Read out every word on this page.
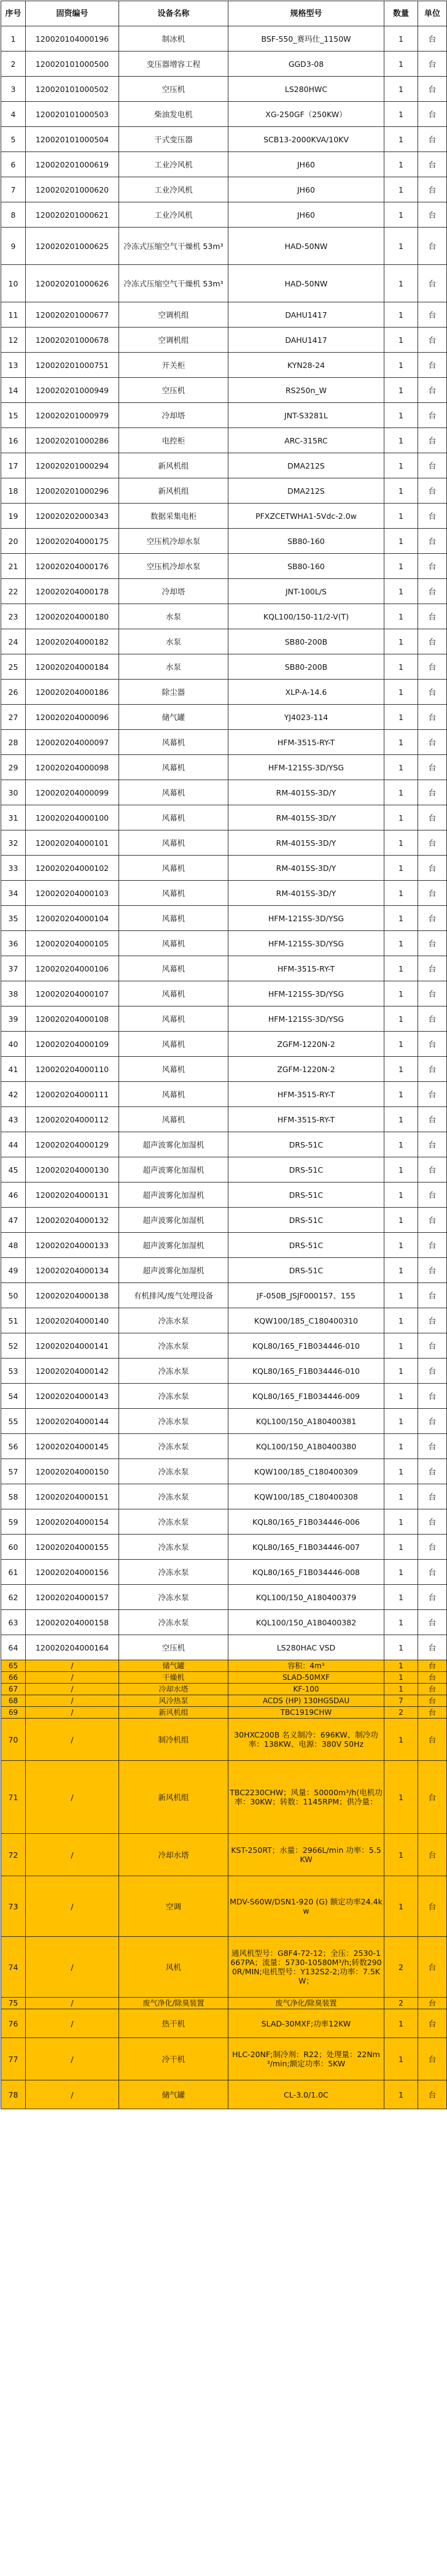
序号	固资编号	设备名称	规格型号	数量	单位
1	120020104000196	制冰机	BSF-550_赛玛仕_1150W	1	台
2	120020101000500	变压器增容工程	GGD3-08	1	台
3	120020101000502	空压机	LS280HWC	1	台
4	120020101000503	柴油发电机	XG-250GF（250KW）	1	台
5	120020101000504	干式变压器	SCB13-2000KVA/10KV	1	台
6	120020201000619	工业冷风机	JH60	1	台
7	120020201000620	工业冷风机	JH60	1	台
8	120020201000621	工业冷风机	JH60	1	台
9	120020201000625	冷冻式压缩空气干燥机 53m³	HAD-50NW	1	台
10	120020201000626	冷冻式压缩空气干燥机 53m³	HAD-50NW	1	台
11	120020201000677	空调机组	DAHU1417	1	台
12	120020201000678	空调机组	DAHU1417	1	台
13	120020201000751	开关柜	KYN28-24	1	台
14	120020201000949	空压机	RS250n_W	1	台
15	120020201000979	冷却塔	JNT-S3281L	1	台
16	120020201000286	电控柜	ARC-315RC	1	台
17	120020201000294	新风机组	DMA212S	1	台
18	120020201000296	新风机组	DMA212S	1	台
19	120020202000343	数据采集电柜	PFXZCETWHA1-5Vdc-2.0w	1	台
20	120020204000175	空压机冷却水泵	SB80-160	1	台
21	120020204000176	空压机冷却水泵	SB80-160	1	台
22	120020204000178	冷却塔	JNT-100L/S	1	台
23	120020204000180	水泵	KQL100/150-11/2-V(T)	1	台
24	120020204000182	水泵	SB80-200B	1	台
25	120020204000184	水泵	SB80-200B	1	台
26	120020204000186	除尘器	XLP-A-14.6	1	台
27	120020204000096	储气罐	YJ4023-114	1	台
28	120020204000097	风幕机	HFM-3515-RY-T	1	台
29	120020204000098	风幕机	HFM-1215S-3D/YSG	1	台
30	120020204000099	风幕机	RM-4015S-3D/Y	1	台
31	120020204000100	风幕机	RM-4015S-3D/Y	1	台
32	120020204000101	风幕机	RM-4015S-3D/Y	1	台
33	120020204000102	风幕机	RM-4015S-3D/Y	1	台
34	120020204000103	风幕机	RM-4015S-3D/Y	1	台
35	120020204000104	风幕机	HFM-1215S-3D/YSG	1	台
36	120020204000105	风幕机	HFM-1215S-3D/YSG	1	台
37	120020204000106	风幕机	HFM-3515-RY-T	1	台
38	120020204000107	风幕机	HFM-1215S-3D/YSG	1	台
39	120020204000108	风幕机	HFM-1215S-3D/YSG	1	台
40	120020204000109	风幕机	ZGFM-1220N-2	1	台
41	120020204000110	风幕机	ZGFM-1220N-2	1	台
42	120020204000111	风幕机	HFM-3515-RY-T	1	台
43	120020204000112	风幕机	HFM-3515-RY-T	1	台
44	120020204000129	超声波雾化加湿机	DRS-51C	1	台
45	120020204000130	超声波雾化加湿机	DRS-51C	1	台
46	120020204000131	超声波雾化加湿机	DRS-51C	1	台
47	120020204000132	超声波雾化加湿机	DRS-51C	1	台
48	120020204000133	超声波雾化加湿机	DRS-51C	1	台
49	120020204000134	超声波雾化加湿机	DRS-51C	1	台
50	120020204000138	有机排风/废气处理设备	JF-050B_JSJF000157、155	1	台
51	120020204000140	冷冻水泵	KQW100/185_C180400310	1	台
52	120020204000141	冷冻水泵	KQL80/165_F1B034446-010	1	台
53	120020204000142	冷冻水泵	KQL80/165_F1B034446-010	1	台
54	120020204000143	冷冻水泵	KQL80/165_F1B034446-009	1	台
55	120020204000144	冷冻水泵	KQL100/150_A180400381	1	台
56	120020204000145	冷冻水泵	KQL100/150_A180400380	1	台
57	120020204000150	冷冻水泵	KQW100/185_C180400309	1	台
58	120020204000151	冷冻水泵	KQW100/185_C180400308	1	台
59	120020204000154	冷冻水泵	KQL80/165_F1B034446-006	1	台
60	120020204000155	冷冻水泵	KQL80/165_F1B034446-007	1	台
61	120020204000156	冷冻水泵	KQL80/165_F1B034446-008	1	台
62	120020204000157	冷冻水泵	KQL100/150_A180400379	1	台
63	120020204000158	冷冻水泵	KQL100/150_A180400382	1	台
64	120020204000164	空压机	LS280HAC VSD	1	台
65	/	储气罐	容积：4m³	1	台
66	/	干燥机	SLAD-50MXF	1	台
67	/	冷却水塔	KF-100	1	台
68	/	风冷热泵	ACDS (HP) 130HGSDAU	7	台
69	/	新风机组	TBC1919CHW	2	台
70	/	制冷机组	30HXC200B 名义制冷：696KW、制冷功率：138KW、电源：380V 50Hz	1	台
71	/	新风机组	TBC2230CHW；风量：50000m³/h(电机功率：30KW；转数：1145RPM；供冷量：	1	台
72	/	冷却水塔	KST-250RT；水量：2966L/min 功率：5.5KW	1	台
73	/	空调	MDV-S60W/DSN1-920 (G) 额定功率24.4kw	1	台
74	/	风机	通风机型号：G8F4-72-12；全压：2530-1667PA；流量：5730-10580M³/h;转数2900R/MIN;电机型号：Y132S2-2;功率：7.5KW；	2	台
75	/	废气净化/除臭装置	废气净化/除臭装置	2	台
76	/	热干机	SLAD-30MXF;功率12KW	1	台
77	/	冷干机	HLC-20NF;制冷剂：R22；处理量：22Nm³/min;额定功率：5KW	1	台
78	/	储气罐	CL-3.0/1.0C	1	台
